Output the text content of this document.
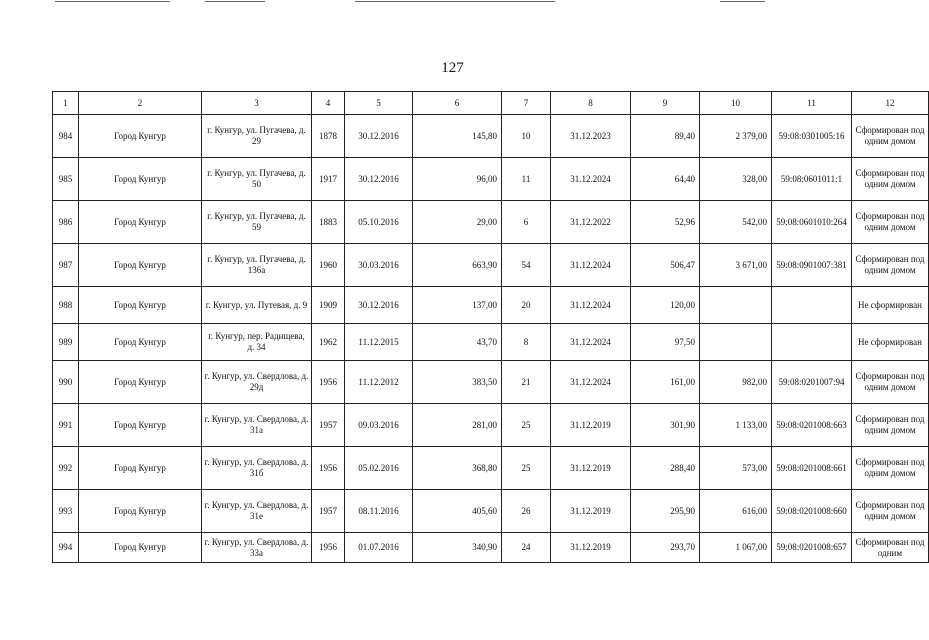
127
1	2	3	4	5	6	7	8	9	10	11	12
984	Город Кунгур	г. Кунгур, ул. Пугачева, д. 29	1878	30.12.2016	145,80	10	31.12.2023	89,40	2 379,00	59:08:0301005:16	Сформирован под одним домом
985	Город Кунгур	г. Кунгур, ул. Пугачева, д. 50	1917	30.12.2016	96,00	11	31.12.2024	64,40	328,00	59:08:0601011:1	Сформирован под одним домом
986	Город Кунгур	г. Кунгур, ул. Пугачева, д. 59	1883	05.10.2016	29,00	6	31.12.2022	52,96	542,00	59:08:0601010:264	Сформирован под одним домом
987	Город Кунгур	г. Кунгур, ул. Пугачева, д. 136а	1960	30.03.2016	663,90	54	31.12.2024	506,47	3 671,00	59:08:0901007:381	Сформирован под одним домом
988	Город Кунгур	г. Кунгур, ул. Путевая, д. 9	1909	30.12.2016	137,00	20	31.12.2024	120,00			Не сформирован
989	Город Кунгур	г. Кунгур, пер. Радищева, д. 34	1962	11.12.2015	43,70	8	31.12.2024	97,50			Не сформирован
990	Город Кунгур	г. Кунгур, ул. Свердлова, д. 29д	1956	11.12.2012	383,50	21	31.12.2024	161,00	982,00	59:08:0201007:94	Сформирован под одним домом
991	Город Кунгур	г. Кунгур, ул. Свердлова, д. 31а	1957	09.03.2016	281,00	25	31.12.2019	301,90	1 133,00	59:08:0201008:663	Сформирован под одним домом
992	Город Кунгур	г. Кунгур, ул. Свердлова, д. 31б	1956	05.02.2016	368,80	25	31.12.2019	288,40	573,00	59:08:0201008:661	Сформирован под одним домом
993	Город Кунгур	г. Кунгур, ул. Свердлова, д. 31е	1957	08.11.2016	405,60	26	31.12.2019	295,90	616,00	59:08:0201008:660	Сформирован под одним домом
994	Город Кунгур	г. Кунгур, ул. Свердлова, д. 33а	1956	01.07.2016	340,90	24	31.12.2019	293,70	1 067,00	59:08:0201008:657	Сформирован под одним
